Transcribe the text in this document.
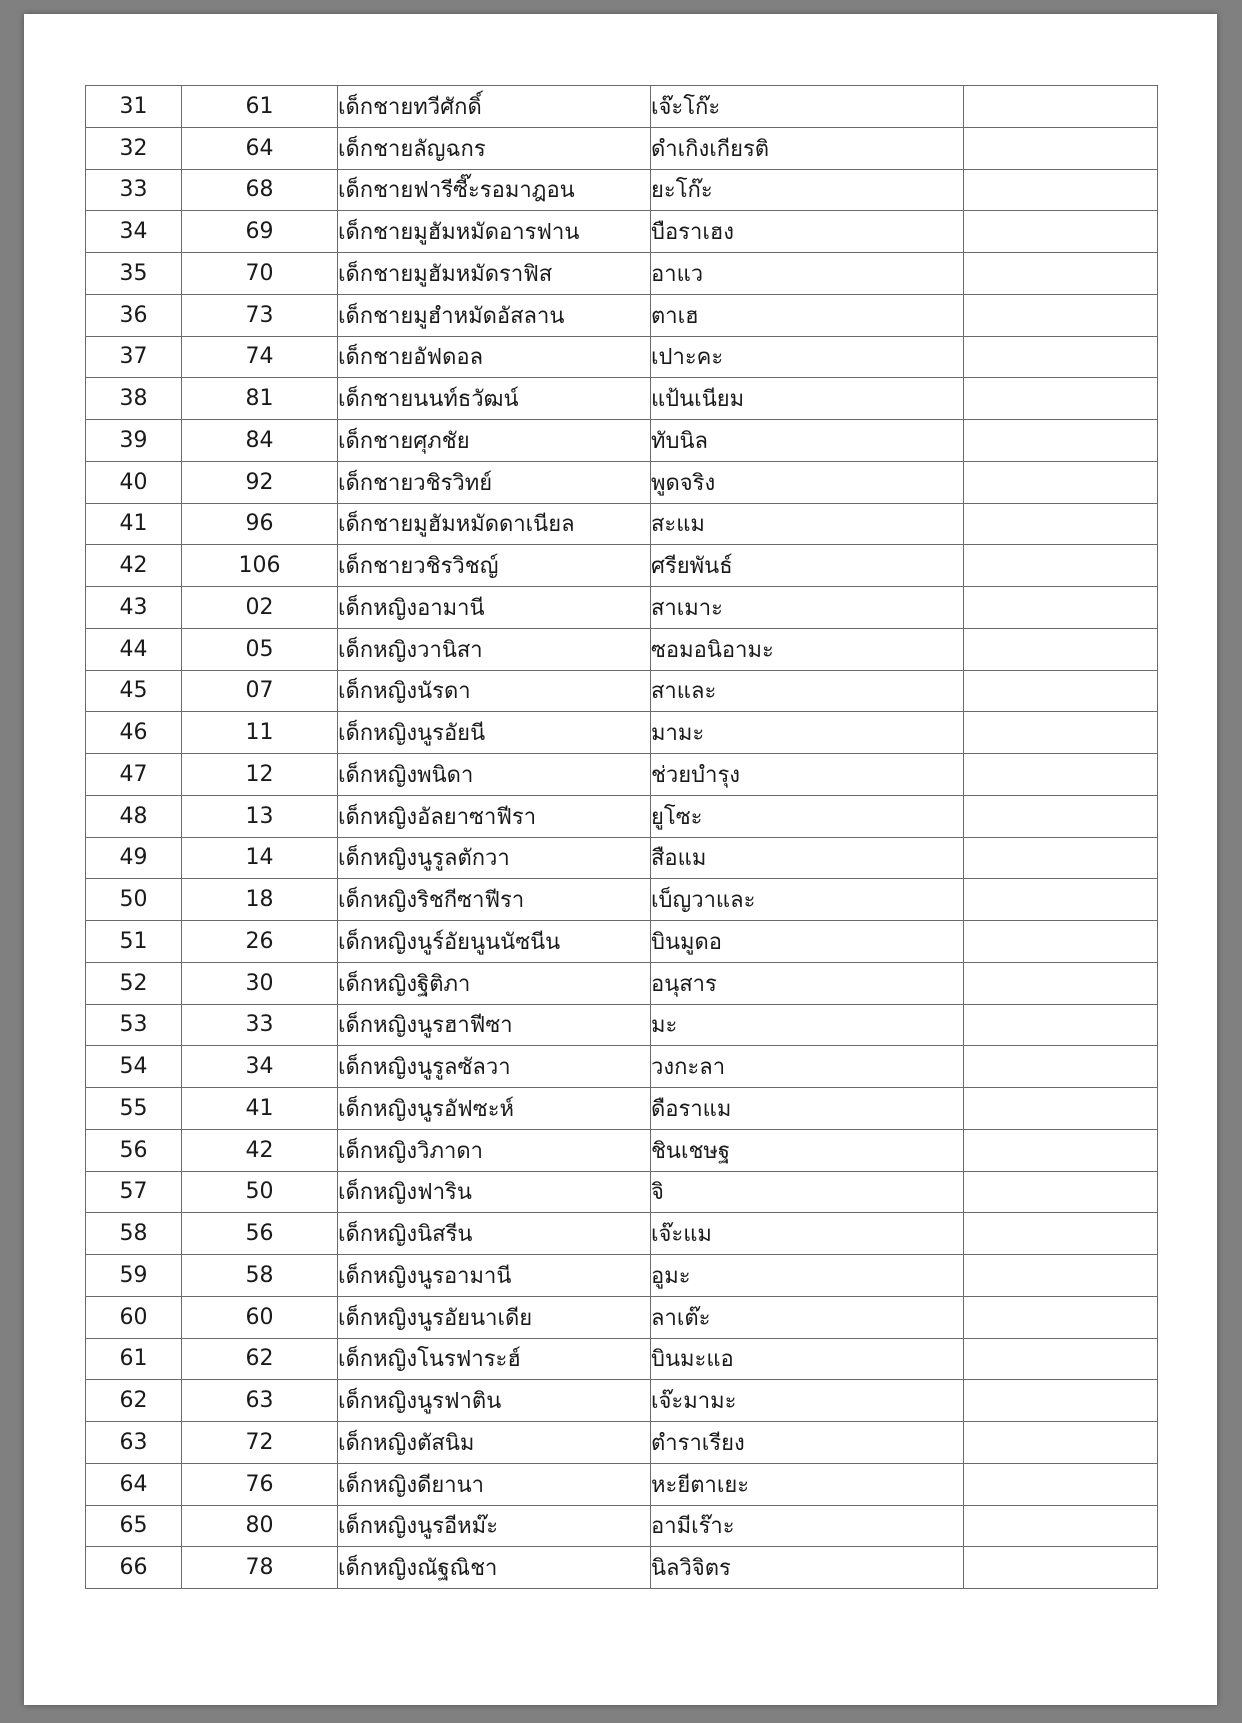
31	61	เด็กชายทวีศักดิ์	เจ๊ะโก๊ะ	
32	64	เด็กชายลัญฉกร	ดำเกิงเกียรติ	
33	68	เด็กชายฟารีซี๊ะรอมาฎอน	ยะโก๊ะ	
34	69	เด็กชายมูฮัมหมัดอารฟาน	บือราเฮง	
35	70	เด็กชายมูฮัมหมัดราฟิส	อาแว	
36	73	เด็กชายมูฮำหมัดอัสลาน	ตาเฮ	
37	74	เด็กชายอัฟดอล	เปาะคะ	
38	81	เด็กชายนนท์ธวัฒน์	แป้นเนียม	
39	84	เด็กชายศุภชัย	ทับนิล	
40	92	เด็กชายวชิรวิทย์	พูดจริง	
41	96	เด็กชายมูฮัมหมัดดาเนียล	สะแม	
42	106	เด็กชายวชิรวิชญ์	ศรียพันธ์	
43	02	เด็กหญิงอามานี	สาเมาะ	
44	05	เด็กหญิงวานิสา	ซอมอนิอามะ	
45	07	เด็กหญิงนัรดา	สาและ	
46	11	เด็กหญิงนูรอัยนี	มามะ	
47	12	เด็กหญิงพนิดา	ช่วยบำรุง	
48	13	เด็กหญิงอัลยาซาฟีรา	ยูโซะ	
49	14	เด็กหญิงนูรูลตักวา	สือแม	
50	18	เด็กหญิงริชกีซาฟีรา	เบ็ญวาและ	
51	26	เด็กหญิงนูร์อัยนูนนัซนีน	บินมูดอ	
52	30	เด็กหญิงฐิติภา	อนุสาร	
53	33	เด็กหญิงนูรฮาฟีซา	มะ	
54	34	เด็กหญิงนูรูลซัลวา	วงกะลา	
55	41	เด็กหญิงนูรอัฟซะห์	ดือราแม	
56	42	เด็กหญิงวิภาดา	ชินเชษฐ	
57	50	เด็กหญิงฟาริน	จิ	
58	56	เด็กหญิงนิสรีน	เจ๊ะแม	
59	58	เด็กหญิงนูรอามานี	อูมะ	
60	60	เด็กหญิงนูรอัยนาเดีย	ลาเต๊ะ	
61	62	เด็กหญิงโนรฟาระฮ์	บินมะแอ	
62	63	เด็กหญิงนูรฟาติน	เจ๊ะมามะ	
63	72	เด็กหญิงตัสนิม	ตำราเรียง	
64	76	เด็กหญิงดียานา	หะยีตาเยะ	
65	80	เด็กหญิงนูรอีหม๊ะ	อามีเร๊าะ	
66	78	เด็กหญิงณัฐณิชา	นิลวิจิตร	
